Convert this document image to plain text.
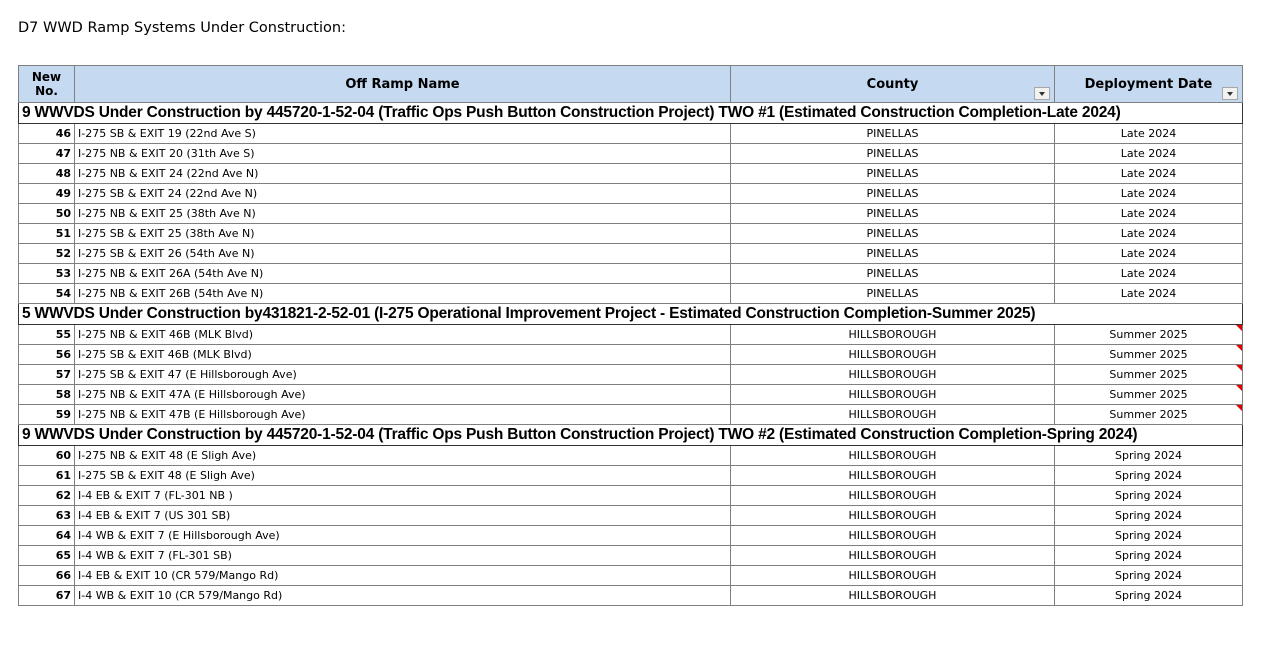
D7 WWD Ramp Systems Under Construction:
New
No.	Off Ramp Name	County	Deployment Date

9 WWVDS Under Construction by 445720-1-52-04 (Traffic Ops Push Button Construction Project) TWO #1 (Estimated Construction Completion-Late 2024)			
46	I-275 SB & EXIT 19 (22nd Ave S)	PINELLAS	Late 2024
47	I-275 NB & EXIT 20 (31th Ave S)	PINELLAS	Late 2024
48	I-275 NB & EXIT 24 (22nd Ave N)	PINELLAS	Late 2024
49	I-275 SB & EXIT 24 (22nd Ave N)	PINELLAS	Late 2024
50	I-275 NB & EXIT 25 (38th Ave N)	PINELLAS	Late 2024
51	I-275 SB & EXIT 25 (38th Ave N)	PINELLAS	Late 2024
52	I-275 SB & EXIT 26 (54th Ave N)	PINELLAS	Late 2024
53	I-275 NB & EXIT 26A (54th Ave N)	PINELLAS	Late 2024
54	I-275 NB & EXIT 26B (54th Ave N)	PINELLAS	Late 2024
5 WWVDS Under Construction by431821-2-52-01 (I-275 Operational Improvement Project - Estimated Construction Completion-Summer 2025)			
55	I-275 NB & EXIT 46B (MLK Blvd)	HILLSBOROUGH	Summer 2025

56	I-275 SB & EXIT 46B (MLK Blvd)	HILLSBOROUGH	Summer 2025

57	I-275 SB & EXIT 47 (E Hillsborough Ave)	HILLSBOROUGH	Summer 2025

58	I-275 NB & EXIT 47A (E Hillsborough Ave)	HILLSBOROUGH	Summer 2025

59	I-275 NB & EXIT 47B (E Hillsborough Ave)	HILLSBOROUGH	Summer 2025

9 WWVDS Under Construction by 445720-1-52-04 (Traffic Ops Push Button Construction Project) TWO #2 (Estimated Construction Completion-Spring 2024)			
60	I-275 NB & EXIT 48 (E Sligh Ave)	HILLSBOROUGH	Spring 2024
61	I-275 SB & EXIT 48 (E Sligh Ave)	HILLSBOROUGH	Spring 2024
62	I-4 EB & EXIT 7 (FL-301 NB )	HILLSBOROUGH	Spring 2024
63	I-4 EB & EXIT 7 (US 301 SB)	HILLSBOROUGH	Spring 2024
64	I-4 WB & EXIT 7 (E Hillsborough Ave)	HILLSBOROUGH	Spring 2024
65	I-4 WB & EXIT 7 (FL-301 SB)	HILLSBOROUGH	Spring 2024
66	I-4 EB & EXIT 10 (CR 579/Mango Rd)	HILLSBOROUGH	Spring 2024
67	I-4 WB & EXIT 10 (CR 579/Mango Rd)	HILLSBOROUGH	Spring 2024
